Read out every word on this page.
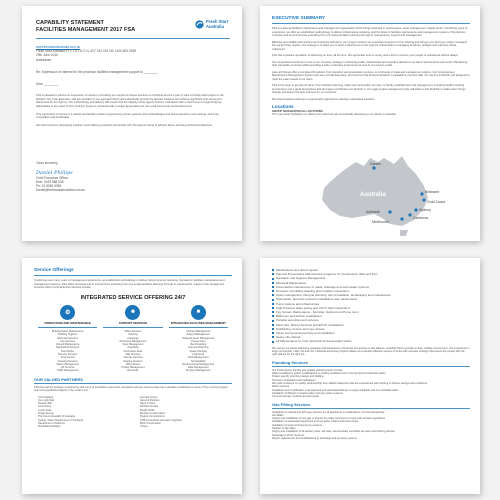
CAPABILITY STATEMENT
FACILITIES MANAGEMENT 2017 FSA
Fresh Start Australia
www.freshstartaustralia.com.au
Fresh Start Australia PTY LTD, A.C.N. 617 764 015 Tel: 1100 809 2398
29th June 2016
Addressee
Re: Expression of interest for the provision facilities management support to ________
Dear ________,
FSA is pleased to submit our expression of interest in providing our support of unique services to contribute and be a part of such a critical public project in the Western City Train Extension. We are confident in our approach which will undoubtedly provide the desired solutions and achieve significant cost saving and efficiencies for the Agency. Our methodology and delivery will ensure that the integrity of the Agents brand is maintained with a clear focus on supporting key deliverables in the areas of Civil, Delivery Systems combined with a unique appreciation for the Local Community and Environment.
This expression of interest is a holistic and flexible solution supported by proven systems and methodologies and accompanied by cost savings, which are competitive and sustainable.
We look forward to developing solutions and building a powerful partnership with The Agents Group to achieve above and beyond desired objectives.
Yours sincerely,
Daniel Phillips
Chief Executive Officer
Mob: 0433 588 938
Ph: 02 8256 5398
Daniel@freshstartaustralia.com.au
EXECUTIVE SUMMARY
FSA is a diverse facilities maintenance and management organisation which brings expertise in maintenance, asset management, capital works. Combining years of experience, we offer an established methodology to deliver infrastructure solutions, and the latest in facilities maintenance and management systems. FSA delivers complete end-to-end services extending from pre-implementation planning through to maintenance, support and management.
Effective and reliable partnerships and expertise tailored to your project needs is an essential component of our offering and will give you and your project managers the support they require. Our strategy is to allow you to have a clear focus on the projects critical tasks of managing timelines, budgets and reaching critical milestones.
FSA has a positive reputation of delivering on-time, all the time. We appreciate time is money and a drive to ensure your project is operational without delays.
Our empowered workforce is core to our company strategy in achieving quality relationships and expertise tailored to our client requirements and needs. Maintaining high standards of service whilst providing a safe, productive environment is core to our service model.
Here at FSA we offer a complete FM solution from transition and preparation services, to a full suite of trade and management options. Our Computerised Maintenance Management System acts as a central data store, and ensures that all documentation is available to connect staff. Our service is flexible and designed to meet the exact needs of our client.
FSA is the team to get the job done. From flawless planning, trade and construction services, to facility establishment and management, including healthy working environment and a great atmosphere that all project contributors can flourish in. Our agile project management style will allow us the flexibility to adapt when things change and deliver the best outcome for our customer.
We look forward to working in a partnership approach to develop customised solutions.
Locations
GROUP GEOGRAPHICAL LOCATIONS
The map below highlights our offices from which we are successfully delivering to our clients in Australia.
Australia
Darwin
Brisbane
Gold Coast
Sydney
Canberra
Adelaide
Melbourne
Service Offerings
Combining over many years of management experience, an established methodology to deliver robust dynamic solutions, the latest in facilities maintenance and management systems. FSA offers complete end to end services extending from pre-implementation planning through to maintenance, support and management services FSA's comprehensive services include:
INTEGRATED SERVICE OFFERING 24/7
⚙
OPERATIONS AND MAINTENANCE
Building Fabric Maintenance
Building Hygiene
Electrical Services
Fire Services
Ground Maintenance
Mechanical Services
Roof Works
Security Services
Pest Control
Cleaning Services
Waste Management
Lift Services
Traffic Management
☻
SUPPORT SERVICES
Office Services
Catering
Concierge
Document Management
Fleet Management
Hospitality
Information Desk
Mail Services
Security Services
Meeting Services
Office Moves
Project Management
Removals
■
INTEGRATED FACILITIES MANAGEMENT
Contract Management
Project Management
Strategic Asset Management
Procurement
Benchmarking
Lifecycle Planning
Space Planning
Help Desk
Risk Management
Sustainability
Environmental Management
Data Management
Property Management
OUR VALUED PARTNERS
FSA has had the privilege of partnering with some of Australia's most iconic companies and are proud to have been valuable contributors to some of the country's largest and most significant projects in the modern era.
John Holland
Sun Light Rail
Downer EDI
Ford Group
Lend Lease
Origin Energy
The Commonwealth of Australia
Sydney Trains Department of Transport
Department of Defence
Brookfield Multiplex
Georgia Group
Sams & Partners
Rees & Sons
Richard Crooks
Roads NSW
Bonfine Constructions
Taylors Constructions
CPB Contractors (formerly Leighton)
BGC Construction
Thiess
Maintenance and defect repairs
Planned Preventative Maintenance programs for Construction (Wet and Dry)
Sanitation and Hygiene Management
Electrical Maintenance
Preventative maintenance of roads, drainage and stormwater systems
Provision of building cleaning and condition inspections
Asset management, lifecycle planning, site remediation, landscaping and maintenance
Stormwater, land and reservoir installations and maintenance
Pump stations and infrastructure
High Pressure water jetting and CCTV drain inspections
Fire System Maintenance - Sprinkler, Hydrant and Pump room
Bathroom and kitchen installations
Portable amenities and services
Plant Hire, Mining Services and EPCO installations
Scaffolding, Access and rope access
Tapes and general plumbing and installation
Heavy Hire Rental
All Maintenance for Gas, Electrical and associated works
We partner our clients delivering sameway and transparency forms the cornerstone to this alliance, enabling FSA to provide a clean, healthy environment. Our experience in large commercial, major rail and civil, industrial and tenant projects allows us to develop effective scopes of works with accurate costings that ensure the project with the right skill set for the right job.
Plumbing Services
Our Professional, friendly and reliable plumbing team provide:
Water installations and/or modifications to existing installations for commercial and industrial needs
Project specific plumbing design and drafting
Provision of detailed cost breakdowns
We pride ourselves on quality workmanship from skilled tradesmen that are experienced with working in diverse settings and conditions.
Water services
Installation and modification to all pipework and associated fittings to supply drinkable and non-drinkable water
Installation of filtered or treated water and grey water systems
Commercial pipe replacement and repair
Gas Fitting Services
Installation of natural and LPG gas services for all appliances in residential or commercial settings:
Hot Water
Supply and installation of new gas or electric hot water services to comply with all state regulations
Installation of associated equipment such as tanks, boilers and heat pumps
Installation of solar and heat pump systems
Sanitary & Tap Ware
Supply and installation of all sanitary ware, tap ware, electronically controlled tap ware and flushing devices
Sewerage & Pump Systems
Repair, replacement and modifications to sewerage and pumping systems
